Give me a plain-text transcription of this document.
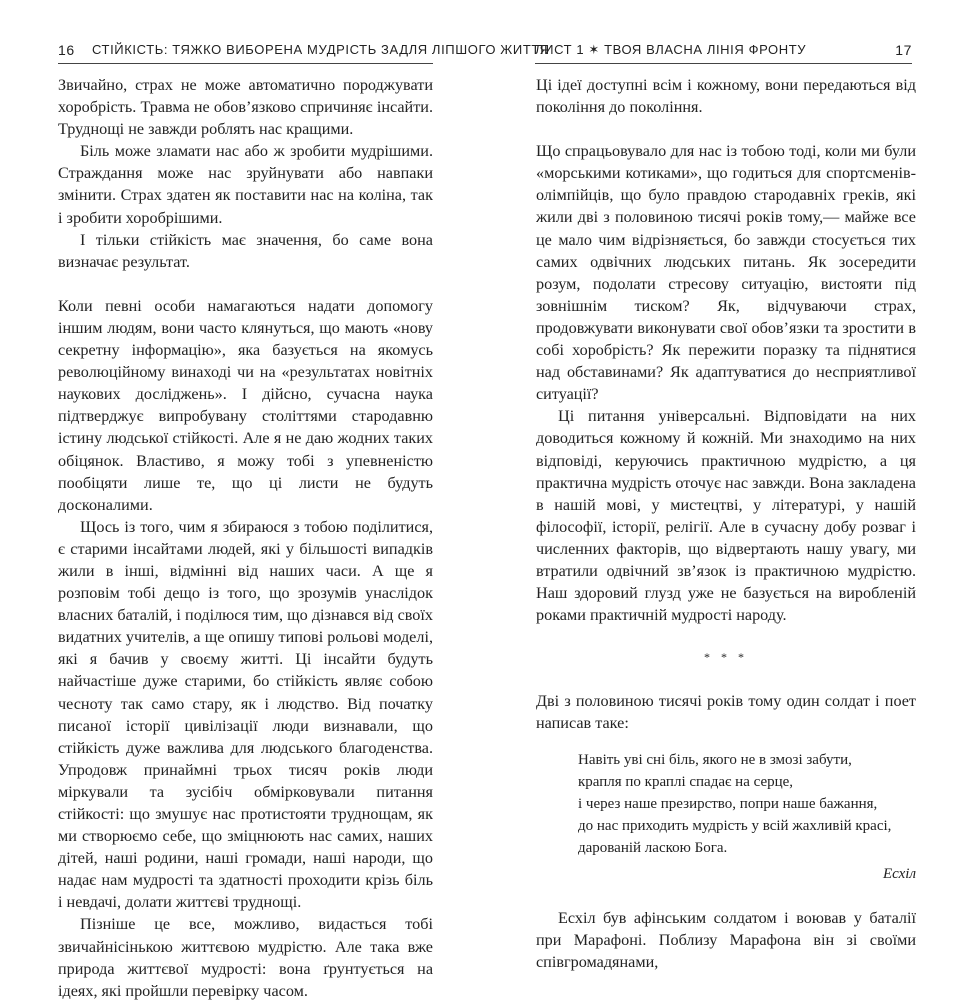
16 СТІЙКІСТЬ: ТЯЖКО ВИБОРЕНА МУДРІСТЬ ЗАДЛЯ ЛІПШОГО ЖИТТЯ

Звичайно, страх не може автоматично породжувати хоробрість. Травма не обов’язково спричиняє інсайти. Труднощі не завжди роблять нас кращими.

Біль може зламати нас або ж зробити мудрішими. Страждання може нас зруйнувати або навпаки змінити. Страх здатен як поставити нас на коліна, так і зробити хоробрішими.

І тільки стійкість має значення, бо саме вона визначає результат.

Коли певні особи намагаються надати допомогу іншим людям, вони часто клянуться, що мають «нову секретну інформацію», яка базується на якомусь революційному винаході чи на «результатах новітніх наукових досліджень». І дійсно, сучасна наука підтверджує випробувану століттями стародавню істину людської стійкості. Але я не даю жодних таких обіцянок. Властиво, я можу тобі з упевненістю пообіцяти лише те, що ці листи не будуть досконалими.

Щось із того, чим я збираюся з тобою поділитися, є старими інсайтами людей, які у більшості випадків жили в інші, відмінні від наших часи. А ще я розповім тобі дещо із того, що зрозумів унаслідок власних баталій, і поділюся тим, що дізнався від своїх видатних учителів, а ще опишу типові рольові моделі, які я бачив у своєму житті. Ці інсайти будуть найчастіше дуже старими, бо стійкість являє собою чесноту так само стару, як і людство. Від початку писаної історії цивілізації люди визнавали, що стійкість дуже важлива для людського благоденства. Упродовж принаймні трьох тисяч років люди міркували та зусібіч обмірковували питання стійкості: що змушує нас протистояти труднощам, як ми створюємо себе, що зміцнюють нас самих, наших дітей, наші родини, наші громади, наші народи, що надає нам мудрості та здатності проходити крізь біль і невдачі, долати життєві труднощі.

Пізніше це все, можливо, видасться тобі звичайнісінькою життєвою мудрістю. Але така вже природа життєвої мудрості: вона ґрунтується на ідеях, які пройшли перевірку часом.

ЛИСТ 1 ✶ ТВОЯ ВЛАСНА ЛІНІЯ ФРОНТУ	17

Ці ідеї доступні всім і кожному, вони передаються від покоління до покоління.

Що спрацьовувало для нас із тобою тоді, коли ми були «морськими котиками», що годиться для спортсменів-олімпійців, що було правдою стародавніх греків, які жили дві з половиною тисячі років тому,— майже все це мало чим відрізняється, бо завжди стосується тих самих одвічних людських питань. Як зосередити розум, подолати стресову ситуацію, вистояти під зовнішнім тиском? Як, відчуваючи страх, продовжувати виконувати свої обов’язки та зростити в собі хоробрість? Як пережити поразку та піднятися над обставинами? Як адаптуватися до несприятливої ситуації?

Ці питання універсальні. Відповідати на них доводиться кожному й кожній. Ми знаходимо на них відповіді, керуючись практичною мудрістю, а ця практична мудрість оточує нас завжди. Вона закладена в нашій мові, у мистецтві, у літературі, у нашій філософії, історії, релігії. Але в сучасну добу розваг і численних факторів, що відвертають нашу увагу, ми втратили одвічний зв’язок із практичною мудрістю. Наш здоровий глузд уже не базується на виробленій роками практичній мудрості народу.

* * *

Дві з половиною тисячі років тому один солдат і поет написав таке:

Навіть уві сні біль, якого не в змозі забути,
крапля по краплі спадає на серце,
і через наше презирство, попри наше бажання,
до нас приходить мудрість у всій жахливій красі,
дарованій ласкою Бога.
Есхіл

Есхіл був афінським солдатом і воював у баталії при Марафоні. Поблизу Марафона він зі своїми співгромадянами,
